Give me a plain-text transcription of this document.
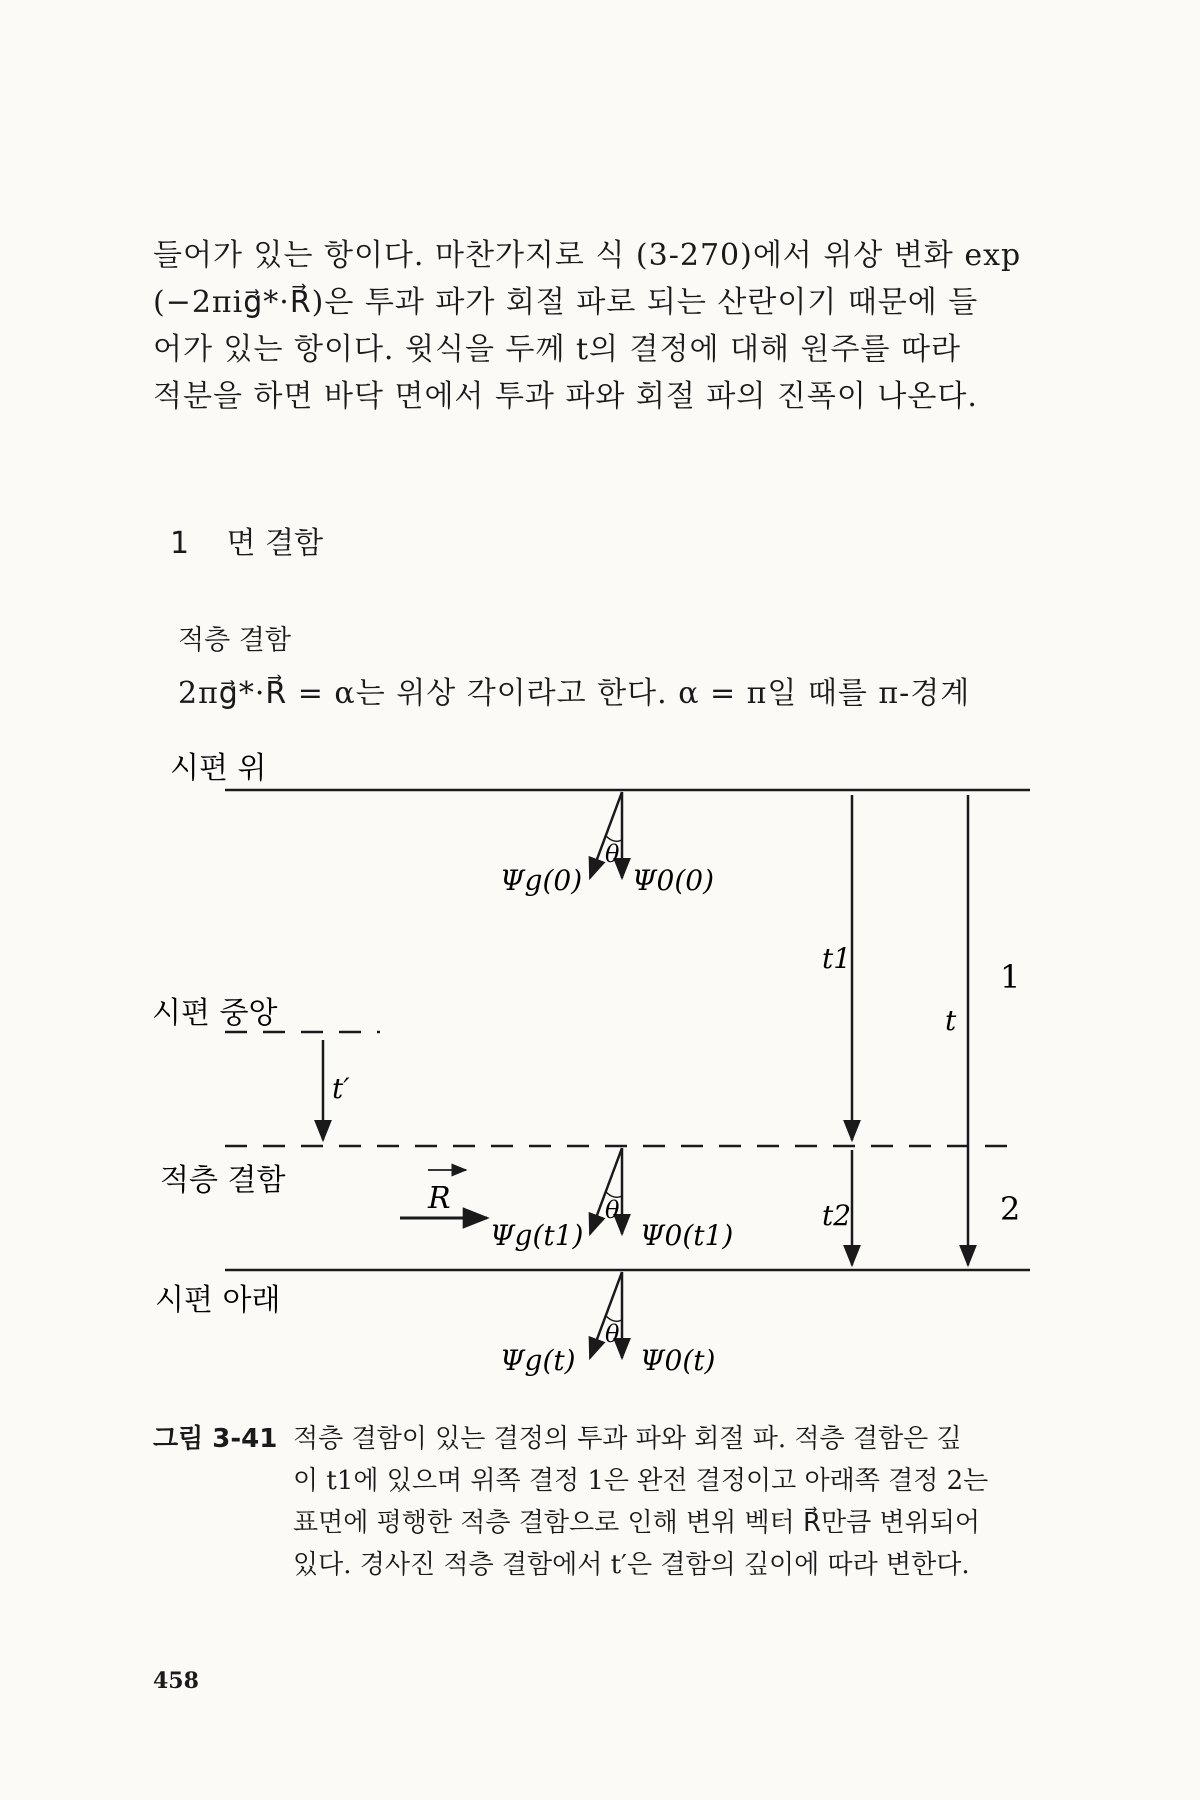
들어가 있는 항이다. 마찬가지로 식 (3-270)에서 위상 변화 exp
(−2πig⃗*·R⃗)은 투과 파가 회절 파로 되는 산란이기 때문에 들
어가 있는 항이다. 윗식을 두께 t의 결정에 대해 원주를 따라
적분을 하면 바닥 면에서 투과 파와 회절 파의 진폭이 나온다.
1 면 결함
적층 결함
2πg⃗*·R⃗ = α는 위상 각이라고 한다. α = π일 때를 π-경계
시편 위
시편 중앙
적층 결함
시편 아래
θ
θ
θ
Ψg(0) Ψ0(0)
Ψg(t1) Ψ0(t1)
Ψg(t) Ψ0(t)
t1
t2
t
t′
R
1
2
그림 3-41 적층 결함이 있는 결정의 투과 파와 회절 파. 적층 결함은 깊
이 t1에 있으며 위쪽 결정 1은 완전 결정이고 아래쪽 결정 2는
표면에 평행한 적층 결함으로 인해 변위 벡터 R⃗만큼 변위되어
있다. 경사진 적층 결함에서 t′은 결함의 깊이에 따라 변한다.
458
